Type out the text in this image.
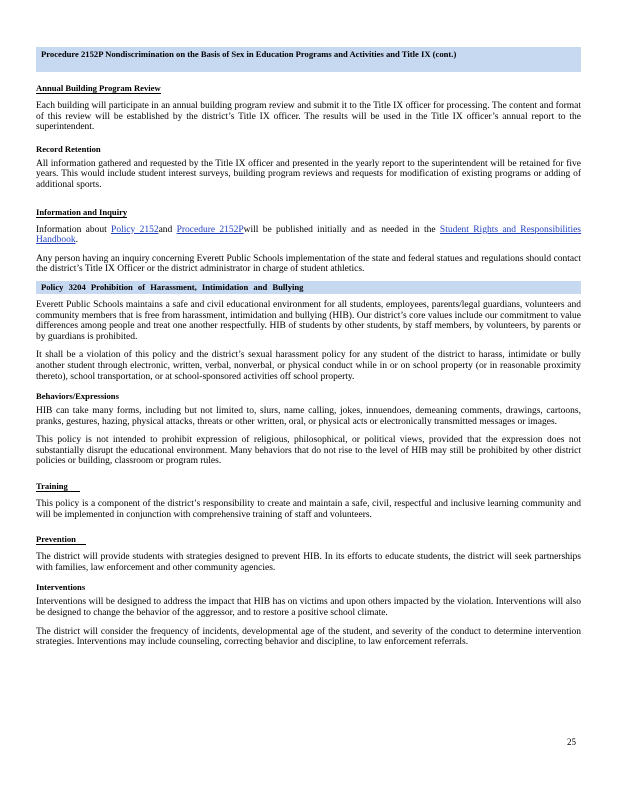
Procedure 2152P Nondiscrimination on the Basis of Sex in Education Programs and Activities and Title IX (cont.)
Annual Building Program Review

Each building will participate in an annual building program review and submit it to the Title IX officer for processing. The content and format of this review will be established by the district’s Title IX officer. The results will be used in the Title IX officer’s annual report to the superintendent.

Record Retention

All information gathered and requested by the Title IX officer and presented in the yearly report to the superintendent will be retained for five years. This would include student interest surveys, building program reviews and requests for modification of existing programs or adding of additional sports.

Information and Inquiry

Information about Policy 2152and Procedure 2152Pwill be published initially and as needed in the Student Rights and Responsibilities Handbook.

Any person having an inquiry concerning Everett Public Schools implementation of the state and federal statues and regulations should contact the district’s Title IX Officer or the district administrator in charge of student athletics.

Policy 3204 Prohibition of Harassment, Intimidation and Bullying

Everett Public Schools maintains a safe and civil educational environment for all students, employees, parents/legal guardians, volunteers and community members that is free from harassment, intimidation and bullying (HIB). Our district’s core values include our commitment to value differences among people and treat one another respectfully. HIB of students by other students, by staff members, by volunteers, by parents or by guardians is prohibited.

It shall be a violation of this policy and the district’s sexual harassment policy for any student of the district to harass, intimidate or bully another student through electronic, written, verbal, nonverbal, or physical conduct while in or on school property (or in reasonable proximity thereto), school transportation, or at school-sponsored activities off school property.

Behaviors/Expressions

HIB can take many forms, including but not limited to, slurs, name calling, jokes, innuendoes, demeaning comments, drawings, cartoons, pranks, gestures, hazing, physical attacks, threats or other written, oral, or physical acts or electronically transmitted messages or images.

This policy is not intended to prohibit expression of religious, philosophical, or political views, provided that the expression does not substantially disrupt the educational environment. Many behaviors that do not rise to the level of HIB may still be prohibited by other district policies or building, classroom or program rules.

Training

This policy is a component of the district’s responsibility to create and maintain a safe, civil, respectful and inclusive learning community and will be implemented in conjunction with comprehensive training of staff and volunteers.

Prevention

The district will provide students with strategies designed to prevent HIB. In its efforts to educate students, the district will seek partnerships with families, law enforcement and other community agencies.

Interventions

Interventions will be designed to address the impact that HIB has on victims and upon others impacted by the violation. Interventions will also be designed to change the behavior of the aggressor, and to restore a positive school climate.

The district will consider the frequency of incidents, developmental age of the student, and severity of the conduct to determine intervention strategies. Interventions may include counseling, correcting behavior and discipline, to law enforcement referrals.

25
